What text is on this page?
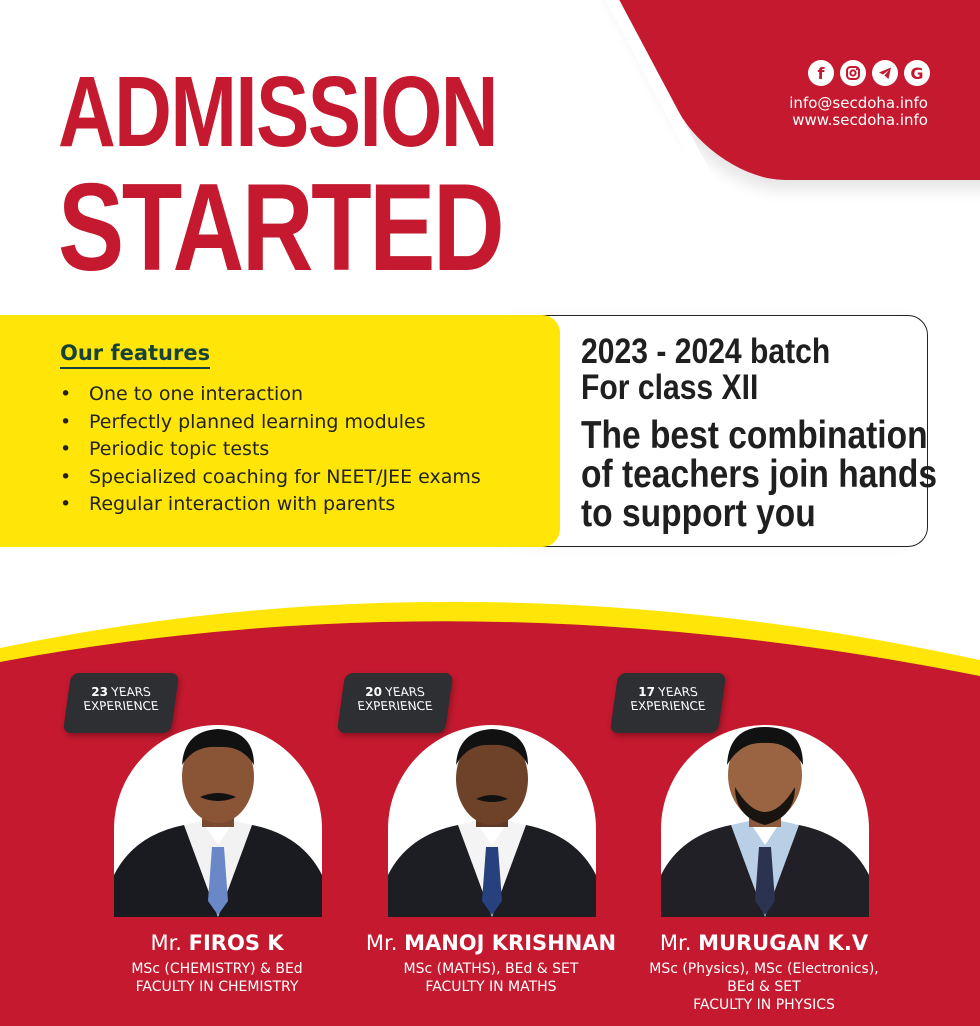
f	G
info@secdoha.info
www.secdoha.info
ADMISSION
STARTED
2023 - 2024 batch
For class XII
The best combination
of teachers join hands
to support you
Our features
• One to one interaction
• Perfectly planned learning modules
• Periodic topic tests
• Specialized coaching for NEET/JEE exams
• Regular interaction with parents
23 YEARS
EXPERIENCE
Mr. FIROS K
MSc (CHEMISTRY) & BEd
FACULTY IN CHEMISTRY
20 YEARS
EXPERIENCE
Mr. MANOJ KRISHNAN
MSc (MATHS), BEd & SET
FACULTY IN MATHS
17 YEARS
EXPERIENCE
Mr. MURUGAN K.V
MSc (Physics), MSc (Electronics),
BEd & SET
FACULTY IN PHYSICS
